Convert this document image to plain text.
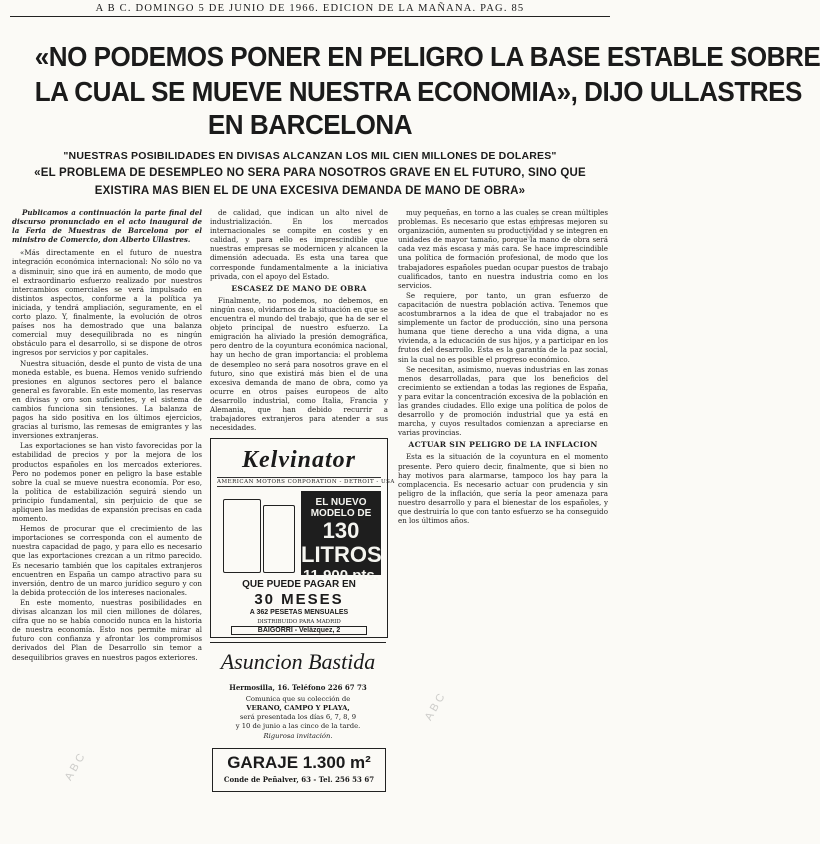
A B C. DOMINGO 5 DE JUNIO DE 1966. EDICION DE LA MAÑANA. PAG. 85
«NO PODEMOS PONER EN PELIGRO LA BASE ESTABLE SOBRE
LA CUAL SE MUEVE NUESTRA ECONOMIA», DIJO ULLASTRES
EN BARCELONA
"NUESTRAS POSIBILIDADES EN DIVISAS ALCANZAN LOS MIL CIEN MILLONES DE DOLARES"
«EL PROBLEMA DE DESEMPLEO NO SERA PARA NOSOTROS GRAVE EN EL FUTURO, SINO QUE
EXISTIRA MAS BIEN EL DE UNA EXCESIVA DEMANDA DE MANO DE OBRA»

Publicamos a continuación la parte final del discurso pronunciado en el acto inaugural de la Feria de Muestras de Barcelona por el ministro de Comercio, don Alberto Ullastres.

«Más directamente en el futuro de nuestra integración económica internacional: No sólo no va a disminuir, sino que irá en aumento, de modo que el extraordinario esfuerzo realizado por nuestros intercambios comerciales se verá impulsado en distintos aspectos, conforme a la política ya iniciada, y tendrá ampliación, seguramente, en el corto plazo. Y, finalmente, la evolución de otros países nos ha demostrado que una balanza comercial muy desequilibrada no es ningún obstáculo para el desarrollo, si se dispone de otros ingresos por servicios y por capitales.

Nuestra situación, desde el punto de vista de una moneda estable, es buena. Hemos venido sufriendo presiones en algunos sectores pero el balance general es favorable. En este momento, las reservas en divisas y oro son suficientes, y el sistema de cambios funciona sin tensiones. La balanza de pagos ha sido positiva en los últimos ejercicios, gracias al turismo, las remesas de emigrantes y las inversiones extranjeras.

Las exportaciones se han visto favorecidas por la estabilidad de precios y por la mejora de los productos españoles en los mercados exteriores. Pero no podemos poner en peligro la base estable sobre la cual se mueve nuestra economía. Por eso, la política de estabilización seguirá siendo un principio fundamental, sin perjuicio de que se apliquen las medidas de expansión precisas en cada momento.

Hemos de procurar que el crecimiento de las importaciones se corresponda con el aumento de nuestra capacidad de pago, y para ello es necesario que las exportaciones crezcan a un ritmo parecido. Es necesario también que los capitales extranjeros encuentren en España un campo atractivo para su inversión, dentro de un marco jurídico seguro y con la debida protección de los intereses nacionales.

En este momento, nuestras posibilidades en divisas alcanzan los mil cien millones de dólares, cifra que no se había conocido nunca en la historia de nuestra economía. Esto nos permite mirar al futuro con confianza y afrontar los compromisos derivados del Plan de Desarrollo sin temor a desequilibrios graves en nuestros pagos exteriores.

de calidad, que indican un alto nivel de industrialización. En los mercados internacionales se compite en costes y en calidad, y para ello es imprescindible que nuestras empresas se modernicen y alcancen la dimensión adecuada. Es esta una tarea que corresponde fundamentalmente a la iniciativa privada, con el apoyo del Estado.

ESCASEZ DE MANO DE OBRA

Finalmente, no podemos, no debemos, en ningún caso, olvidarnos de la situación en que se encuentra el mundo del trabajo, que ha de ser el objeto principal de nuestro esfuerzo. La emigración ha aliviado la presión demográfica, pero dentro de la coyuntura económica nacional, hay un hecho de gran importancia: el problema de desempleo no será para nosotros grave en el futuro, sino que existirá más bien el de una excesiva demanda de mano de obra, como ya ocurre en otros países europeos de alto desarrollo industrial, como Italia, Francia y Alemania, que han debido recurrir a trabajadores extranjeros para atender a sus necesidades.

muy pequeñas, en torno a las cuales se crean múltiples problemas. Es necesario que estas empresas mejoren su organización, aumenten su productividad y se integren en unidades de mayor tamaño, porque la mano de obra será cada vez más escasa y más cara. Se hace imprescindible una política de formación profesional, de modo que los trabajadores españoles puedan ocupar puestos de trabajo cualificados, tanto en nuestra industria como en los servicios.

Se requiere, por tanto, un gran esfuerzo de capacitación de nuestra población activa. Tenemos que acostumbrarnos a la idea de que el trabajador no es simplemente un factor de producción, sino una persona humana que tiene derecho a una vida digna, a una vivienda, a la educación de sus hijos, y a participar en los frutos del desarrollo. Esta es la garantía de la paz social, sin la cual no es posible el progreso económico.

Se necesitan, asimismo, nuevas industrias en las zonas menos desarrolladas, para que los beneficios del crecimiento se extiendan a todas las regiones de España, y para evitar la concentración excesiva de la población en las grandes ciudades. Ello exige una política de polos de desarrollo y de promoción industrial que ya está en marcha, y cuyos resultados comienzan a apreciarse en varias provincias.

ACTUAR SIN PELIGRO DE LA INFLACION

Esta es la situación de la coyuntura en el momento presente. Pero quiero decir, finalmente, que si bien no hay motivos para alarmarse, tampoco los hay para la complacencia. Es necesario actuar con prudencia y sin peligro de la inflación, que sería la peor amenaza para nuestro desarrollo y para el bienestar de los españoles, y que destruiría lo que con tanto esfuerzo se ha conseguido en los últimos años.

Kelvinator
AMERICAN MOTORS CORPORATION - DETROIT - USA
EL NUEVO
MODELO DE
130 LITROS
11.900 pts.
QUE PUEDE PAGAR EN
30 MESES
A 362 PESETAS MENSUALES
DISTRIBUIDO PARA MADRID
BAIGORRI - Velázquez, 2
Asuncion Bastida
Hermosilla, 16. Teléfono 226 67 73
Comunica que su colección de
VERANO, CAMPO Y PLAYA,
será presentada los días 6, 7, 8, 9
y 10 de junio a las cinco de la tarde.
Rigurosa invitación.
GARAJE 1.300 m²
Conde de Peñalver, 63 - Tel. 256 53 67
ABC
ABC
ABC
